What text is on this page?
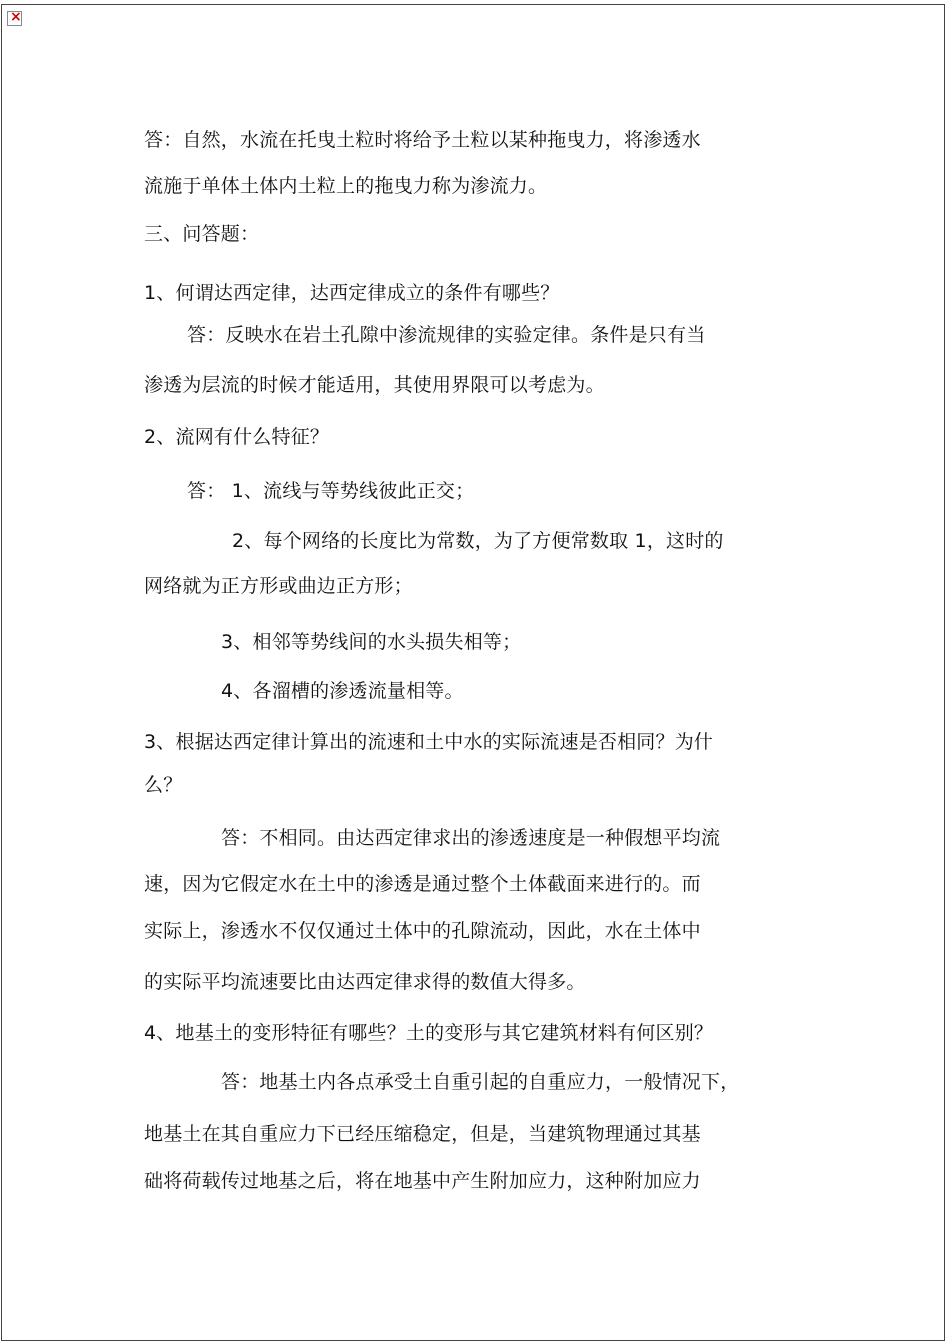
×
答：自然，水流在托曳土粒时将给予土粒以某种拖曳力，将渗透水
流施于单体土体内土粒上的拖曳力称为渗流力。
三、问答题：
1、何谓达西定律，达西定律成立的条件有哪些？
答：反映水在岩土孔隙中渗流规律的实验定律。条件是只有当
渗透为层流的时候才能适用，其使用界限可以考虑为。
2、流网有什么特征？
答： 1、流线与等势线彼此正交；
2、每个网络的长度比为常数，为了方便常数取 1，这时的
网络就为正方形或曲边正方形；
3、相邻等势线间的水头损失相等；
4、各溜槽的渗透流量相等。
3、根据达西定律计算出的流速和土中水的实际流速是否相同？为什
么？
答：不相同。由达西定律求出的渗透速度是一种假想平均流
速，因为它假定水在土中的渗透是通过整个土体截面来进行的。而
实际上，渗透水不仅仅通过土体中的孔隙流动，因此，水在土体中
的实际平均流速要比由达西定律求得的数值大得多。
4、地基土的变形特征有哪些？土的变形与其它建筑材料有何区别？
答：地基土内各点承受土自重引起的自重应力，一般情况下，
地基土在其自重应力下已经压缩稳定，但是，当建筑物理通过其基
础将荷载传过地基之后，将在地基中产生附加应力，这种附加应力
